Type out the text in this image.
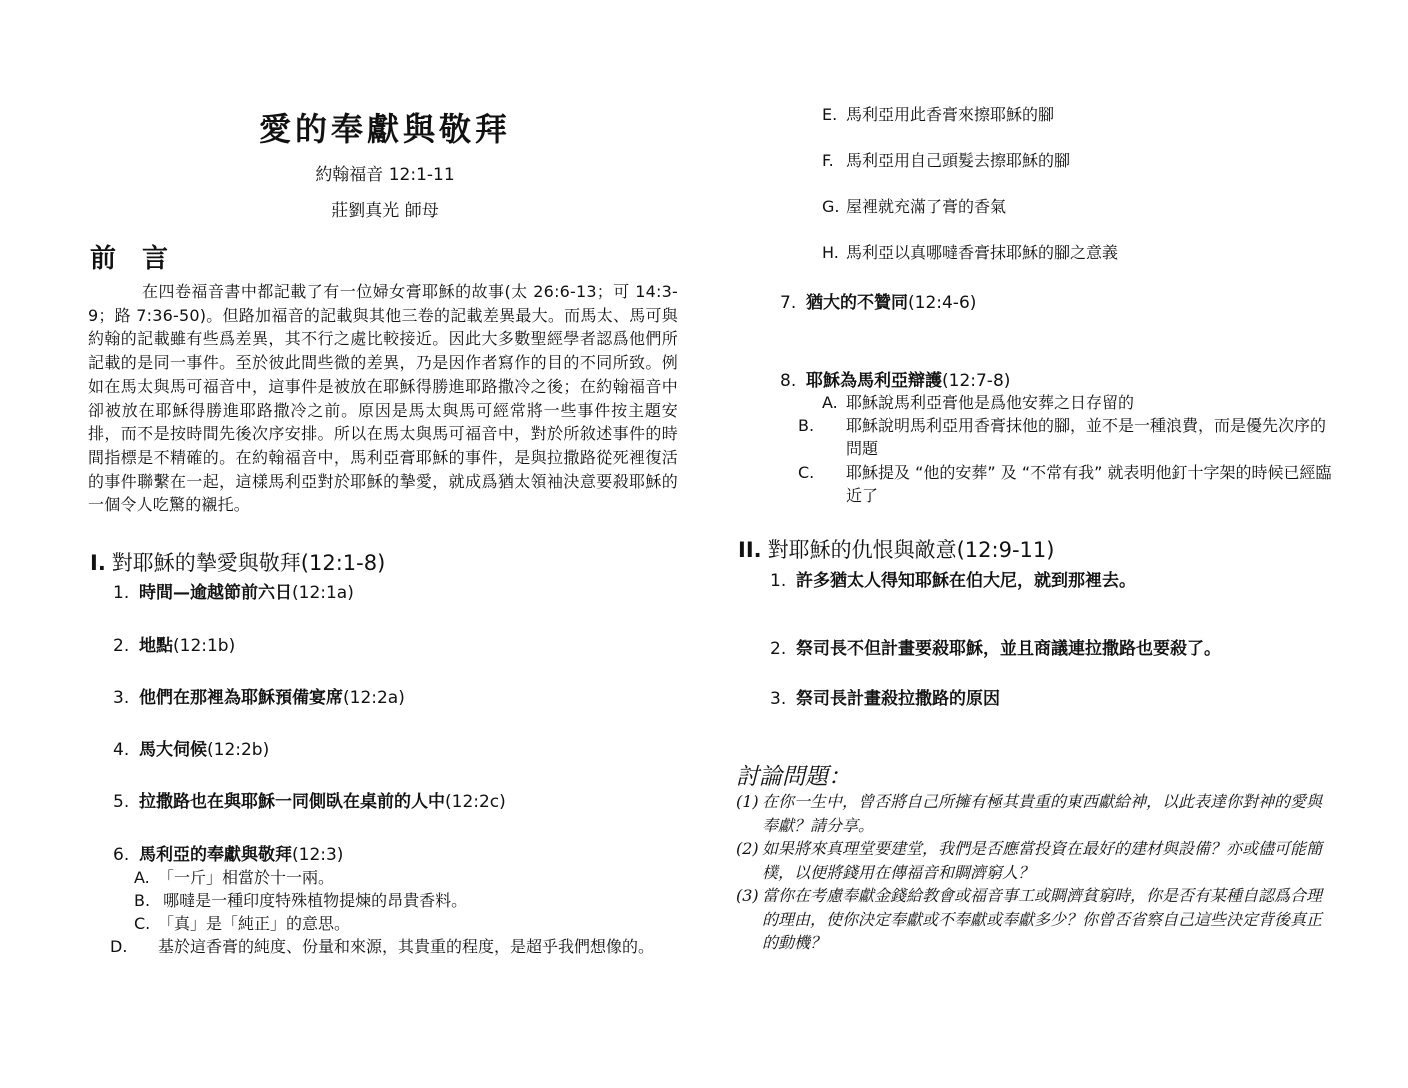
愛的奉獻與敬拜
約翰福音 12:1-11
莊劉真光 師母
前言

在四卷福音書中都記載了有一位婦女膏耶穌的故事(太 26:6-13；可 14:3-9；路 7:36-50)。但路加福音的記載與其他三卷的記載差異最大。而馬太、馬可與約翰的記載雖有些爲差異，其不行之處比較接近。因此大多數聖經學者認爲他們所記載的是同一事件。至於彼此間些微的差異，乃是因作者寫作的目的不同所致。例如在馬太與馬可福音中，這事件是被放在耶穌得勝進耶路撒冷之後；在約翰福音中卻被放在耶穌得勝進耶路撒冷之前。原因是馬太與馬可經常將一些事件按主題安排，而不是按時間先後次序安排。所以在馬太與馬可福音中，對於所敘述事件的時間指標是不精確的。在約翰福音中，馬利亞膏耶穌的事件，是與拉撒路從死裡復活的事件聯繫在一起，這樣馬利亞對於耶穌的摯愛，就成爲猶太領袖決意要殺耶穌的一個令人吃驚的襯托。

I. 對耶穌的摯愛與敬拜(12:1-8)
1. 時間—逾越節前六日(12:1a)
2. 地點(12:1b)
3. 他們在那裡為耶穌預備宴席(12:2a)
4. 馬大伺候(12:2b)
5. 拉撒路也在與耶穌一同側臥在桌前的人中(12:2c)
6. 馬利亞的奉獻與敬拜(12:3)
A. 「一斤」相當於十一兩。
B. 哪噠是一種印度特殊植物提煉的昂貴香料。
C. 「真」是「純正」的意思。
D. 基於這香膏的純度、份量和來源，其貴重的程度，是超乎我們想像的。
E. 馬利亞用此香膏來擦耶穌的腳
F. 馬利亞用自己頭髮去擦耶穌的腳
G. 屋裡就充滿了膏的香氣
H. 馬利亞以真哪噠香膏抹耶穌的腳之意義
7. 猶大的不贊同(12:4-6)
8. 耶穌為馬利亞辯護(12:7-8)
A. 耶穌說馬利亞膏他是爲他安葬之日存留的
B. 耶穌說明馬利亞用香膏抹他的腳，並不是一種浪費，而是優先次序的問題
C. 耶穌提及 “他的安葬” 及 “不常有我” 就表明他釘十字架的時候已經臨近了
II. 對耶穌的仇恨與敵意(12:9-11)
1. 許多猶太人得知耶穌在伯大尼，就到那裡去。
2. 祭司長不但計畫要殺耶穌，並且商議連拉撒路也要殺了。
3. 祭司長計畫殺拉撒路的原因
討論問題：
(1) 在你一生中，曾否將自己所擁有極其貴重的東西獻給神，以此表達你對神的愛與奉獻？請分享。
(2) 如果將來真理堂要建堂，我們是否應當投資在最好的建材與設備？亦或儘可能簡樸，以便將錢用在傳福音和賙濟窮人？
(3) 當你在考慮奉獻金錢給教會或福音事工或賙濟貧窮時，你是否有某種自認爲合理的理由，使你決定奉獻或不奉獻或奉獻多少？你曾否省察自己這些決定背後真正的動機？
